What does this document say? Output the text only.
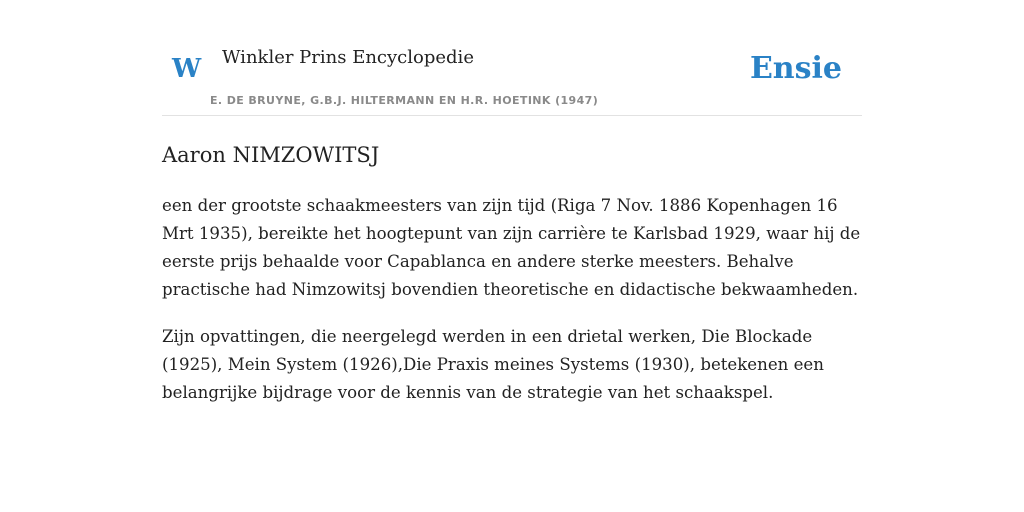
W Winkler Prins Encyclopedie
E. DE BRUYNE, G.B.J. HILTERMANN EN H.R. HOETINK (1947)
Ensie
Aaron NIMZOWITSJ

een der grootste schaakmeesters van zijn tijd (Riga 7 Nov. 1886 Kopenhagen 16 Mrt 1935), bereikte het hoogtepunt van zijn carrière te Karlsbad 1929, waar hij de eerste prijs behaalde voor Capablanca en andere sterke meesters. Behalve practische had Nimzowitsj bovendien theoretische en didactische bekwaamheden.

Zijn opvattingen, die neergelegd werden in een drietal werken, Die Blockade (1925), Mein System (1926),Die Praxis meines Systems (1930), betekenen een belangrijke bijdrage voor de kennis van de strategie van het schaakspel.
